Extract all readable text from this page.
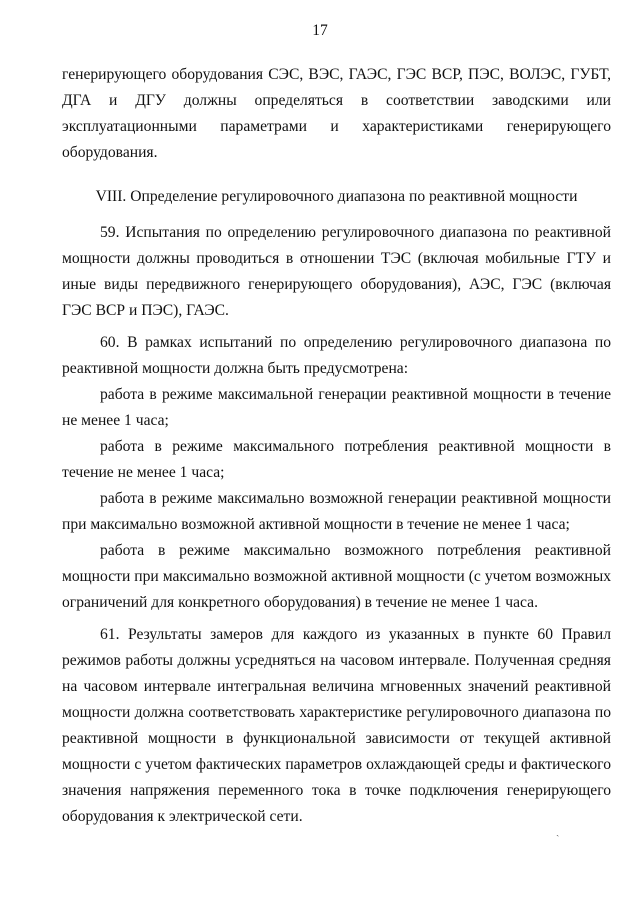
17

генерирующего оборудования СЭС, ВЭС, ГАЭС, ГЭС ВСР, ПЭС, ВОЛЭС, ГУБТ, ДГА и ДГУ должны определяться в соответствии заводскими или эксплуатационными параметрами и характеристиками генерирующего оборудования.

VIII. Определение регулировочного диапазона по реактивной мощности

59. Испытания по определению регулировочного диапазона по реактивной мощности должны проводиться в отношении ТЭС (включая мобильные ГТУ и иные виды передвижного генерирующего оборудования), АЭС, ГЭС (включая ГЭС ВСР и ПЭС), ГАЭС.

60. В рамках испытаний по определению регулировочного диапазона по реактивной мощности должна быть предусмотрена:

работа в режиме максимальной генерации реактивной мощности в течение не менее 1 часа;

работа в режиме максимального потребления реактивной мощности в течение не менее 1 часа;

работа в режиме максимально возможной генерации реактивной мощности при максимально возможной активной мощности в течение не менее 1 часа;

работа в режиме максимально возможного потребления реактивной мощности при максимально возможной активной мощности (с учетом возможных ограничений для конкретного оборудования) в течение не менее 1 часа.

61. Результаты замеров для каждого из указанных в пункте 60 Правил режимов работы должны усредняться на часовом интервале. Полученная средняя на часовом интервале интегральная величина мгновенных значений реактивной мощности должна соответствовать характеристике регулировочного диапазона по реактивной мощности в функциональной зависимости от текущей активной мощности с учетом фактических параметров охлаждающей среды и фактического значения напряжения переменного тока в точке подключения генерирующего оборудования к электрической сети.

ˎ
